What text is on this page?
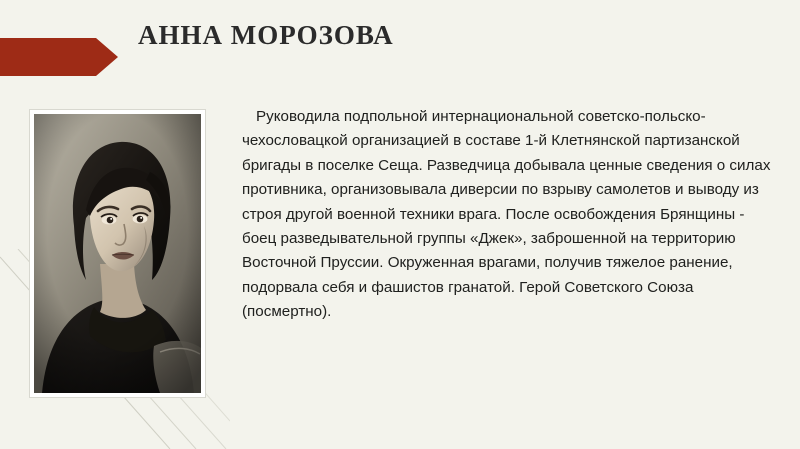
АННА МОРОЗОВА
Руководила подпольной интернациональной советско-польско-чехословацкой организацией в составе 1-й Клетнянской партизанской бригады в поселке Сеща. Разведчица добывала ценные сведения о силах противника, организовывала диверсии по взрыву самолетов и выводу из строя другой военной техники врага. После освобождения Брянщины - боец разведывательной группы «Джек», заброшенной на территорию Восточной Пруссии. Окруженная врагами, получив тяжелое ранение, подорвала себя и фашистов гранатой. Герой Советского Союза (посмертно).
